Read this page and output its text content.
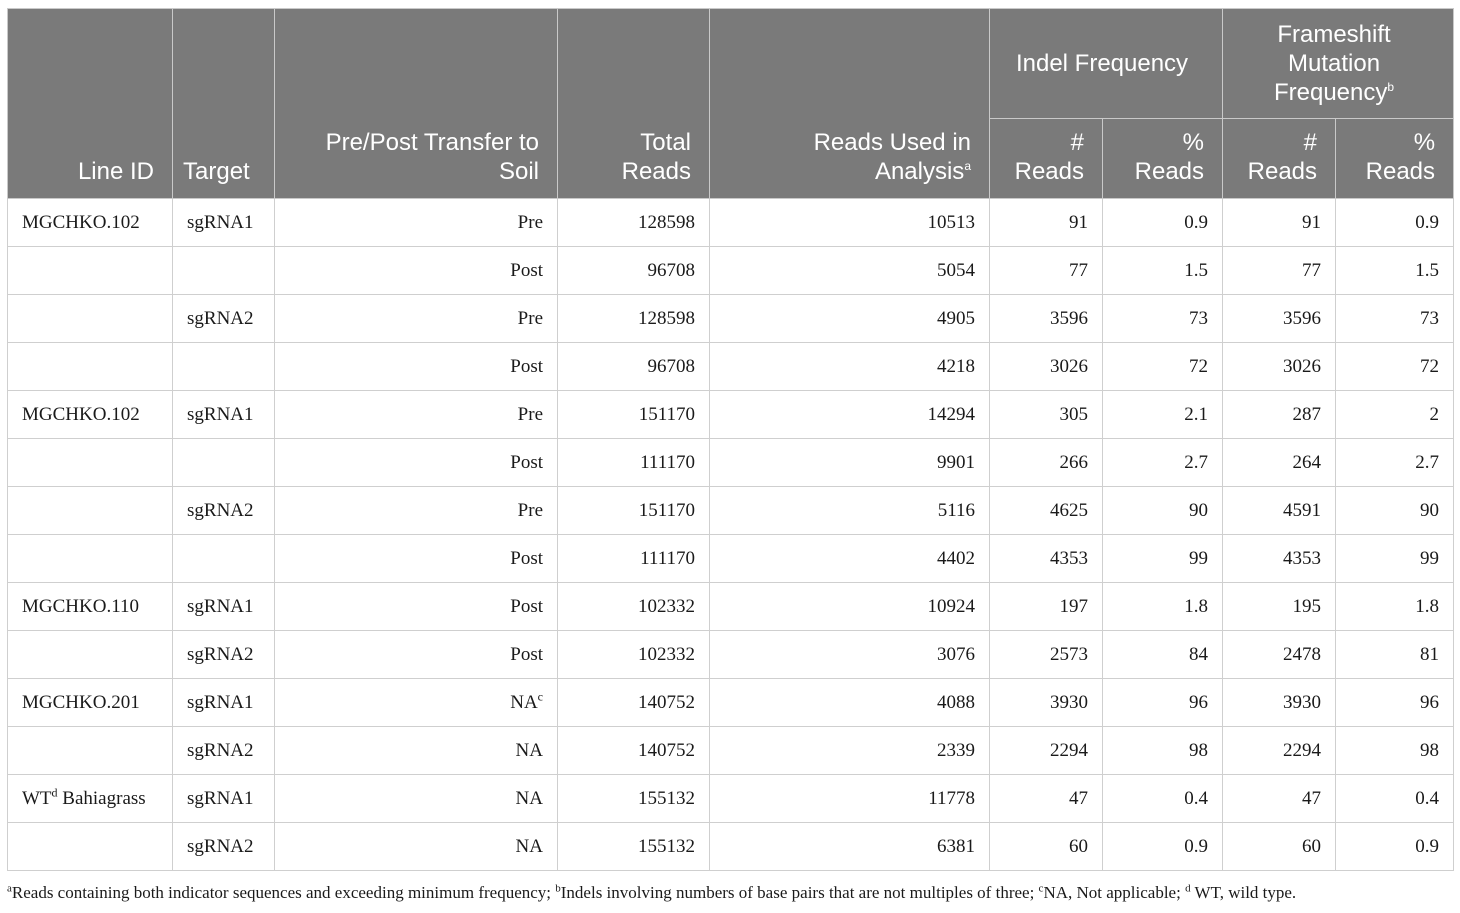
Line ID	Target	Pre/Post Transfer to Soil	Total Reads	Reads Used in Analysis$^a$	Indel Frequency		Frameshift Mutation Frequency$^b$
					# Reads	% Reads	# Reads	% Reads
MGCHKO.102	sgRNA1	Pre	128598	10513	91	0.9	91	0.9
		Post	96708	5054	77	1.5	77	1.5
	sgRNA2	Pre	128598	4905	3596	73	3596	73
		Post	96708	4218	3026	72	3026	72
MGCHKO.102	sgRNA1	Pre	151170	14294	305	2.1	287	2
		Post	111170	9901	266	2.7	264	2.7
	sgRNA2	Pre	151170	5116	4625	90	4591	90
		Post	111170	4402	4353	99	4353	99
MGCHKO.110	sgRNA1	Post	102332	10924	197	1.8	195	1.8
	sgRNA2	Post	102332	3076	2573	84	2478	81
MGCHKO.201	sgRNA1	$NA^c$	140752	4088	3930	96	3930	96
	sgRNA2	NA	140752	2339	2294	98	2294	98
$WT^d$ Bahiagrass	sgRNA1	NA	155132	11778	47	0.4	47	0.4
	sgRNA2	NA	155132	6381	60	0.9	60	0.9
$^a$Reads containing both indicator sequences and exceeding minimum frequency; $^b$Indels involving numbers of base pairs that are not multiples of three; $^c$NA, Not applicable; $^d$ WT, wild type.
